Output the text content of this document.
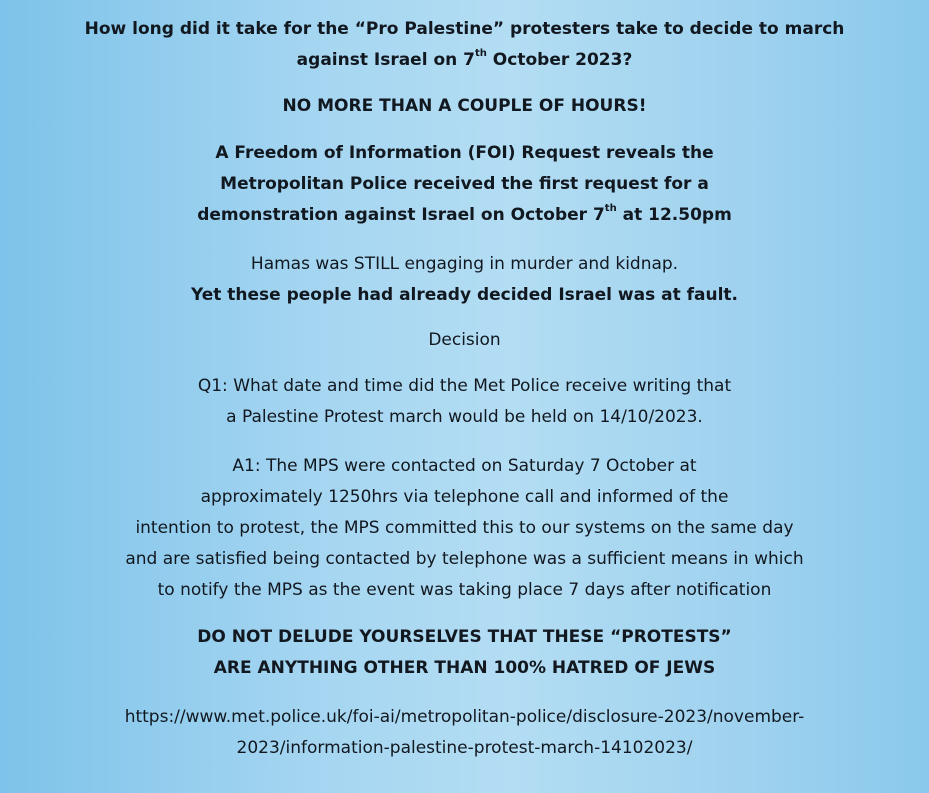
How long did it take for the “Pro Palestine” protesters take to decide to march
against Israel on 7th October 2023?
NO MORE THAN A COUPLE OF HOURS!
A Freedom of Information (FOI) Request reveals the
Metropolitan Police received the first request for a
demonstration against Israel on October 7th at 12.50pm
Hamas was STILL engaging in murder and kidnap.
Yet these people had already decided Israel was at fault.
Decision
Q1: What date and time did the Met Police receive writing that
a Palestine Protest march would be held on 14/10/2023.
A1: The MPS were contacted on Saturday 7 October at
approximately 1250hrs via telephone call and informed of the
intention to protest, the MPS committed this to our systems on the same day
and are satisfied being contacted by telephone was a sufficient means in which
to notify the MPS as the event was taking place 7 days after notification
DO NOT DELUDE YOURSELVES THAT THESE “PROTESTS”
ARE ANYTHING OTHER THAN 100% HATRED OF JEWS
https://www.met.police.uk/foi-ai/metropolitan-police/disclosure-2023/november-
2023/information-palestine-protest-march-14102023/
